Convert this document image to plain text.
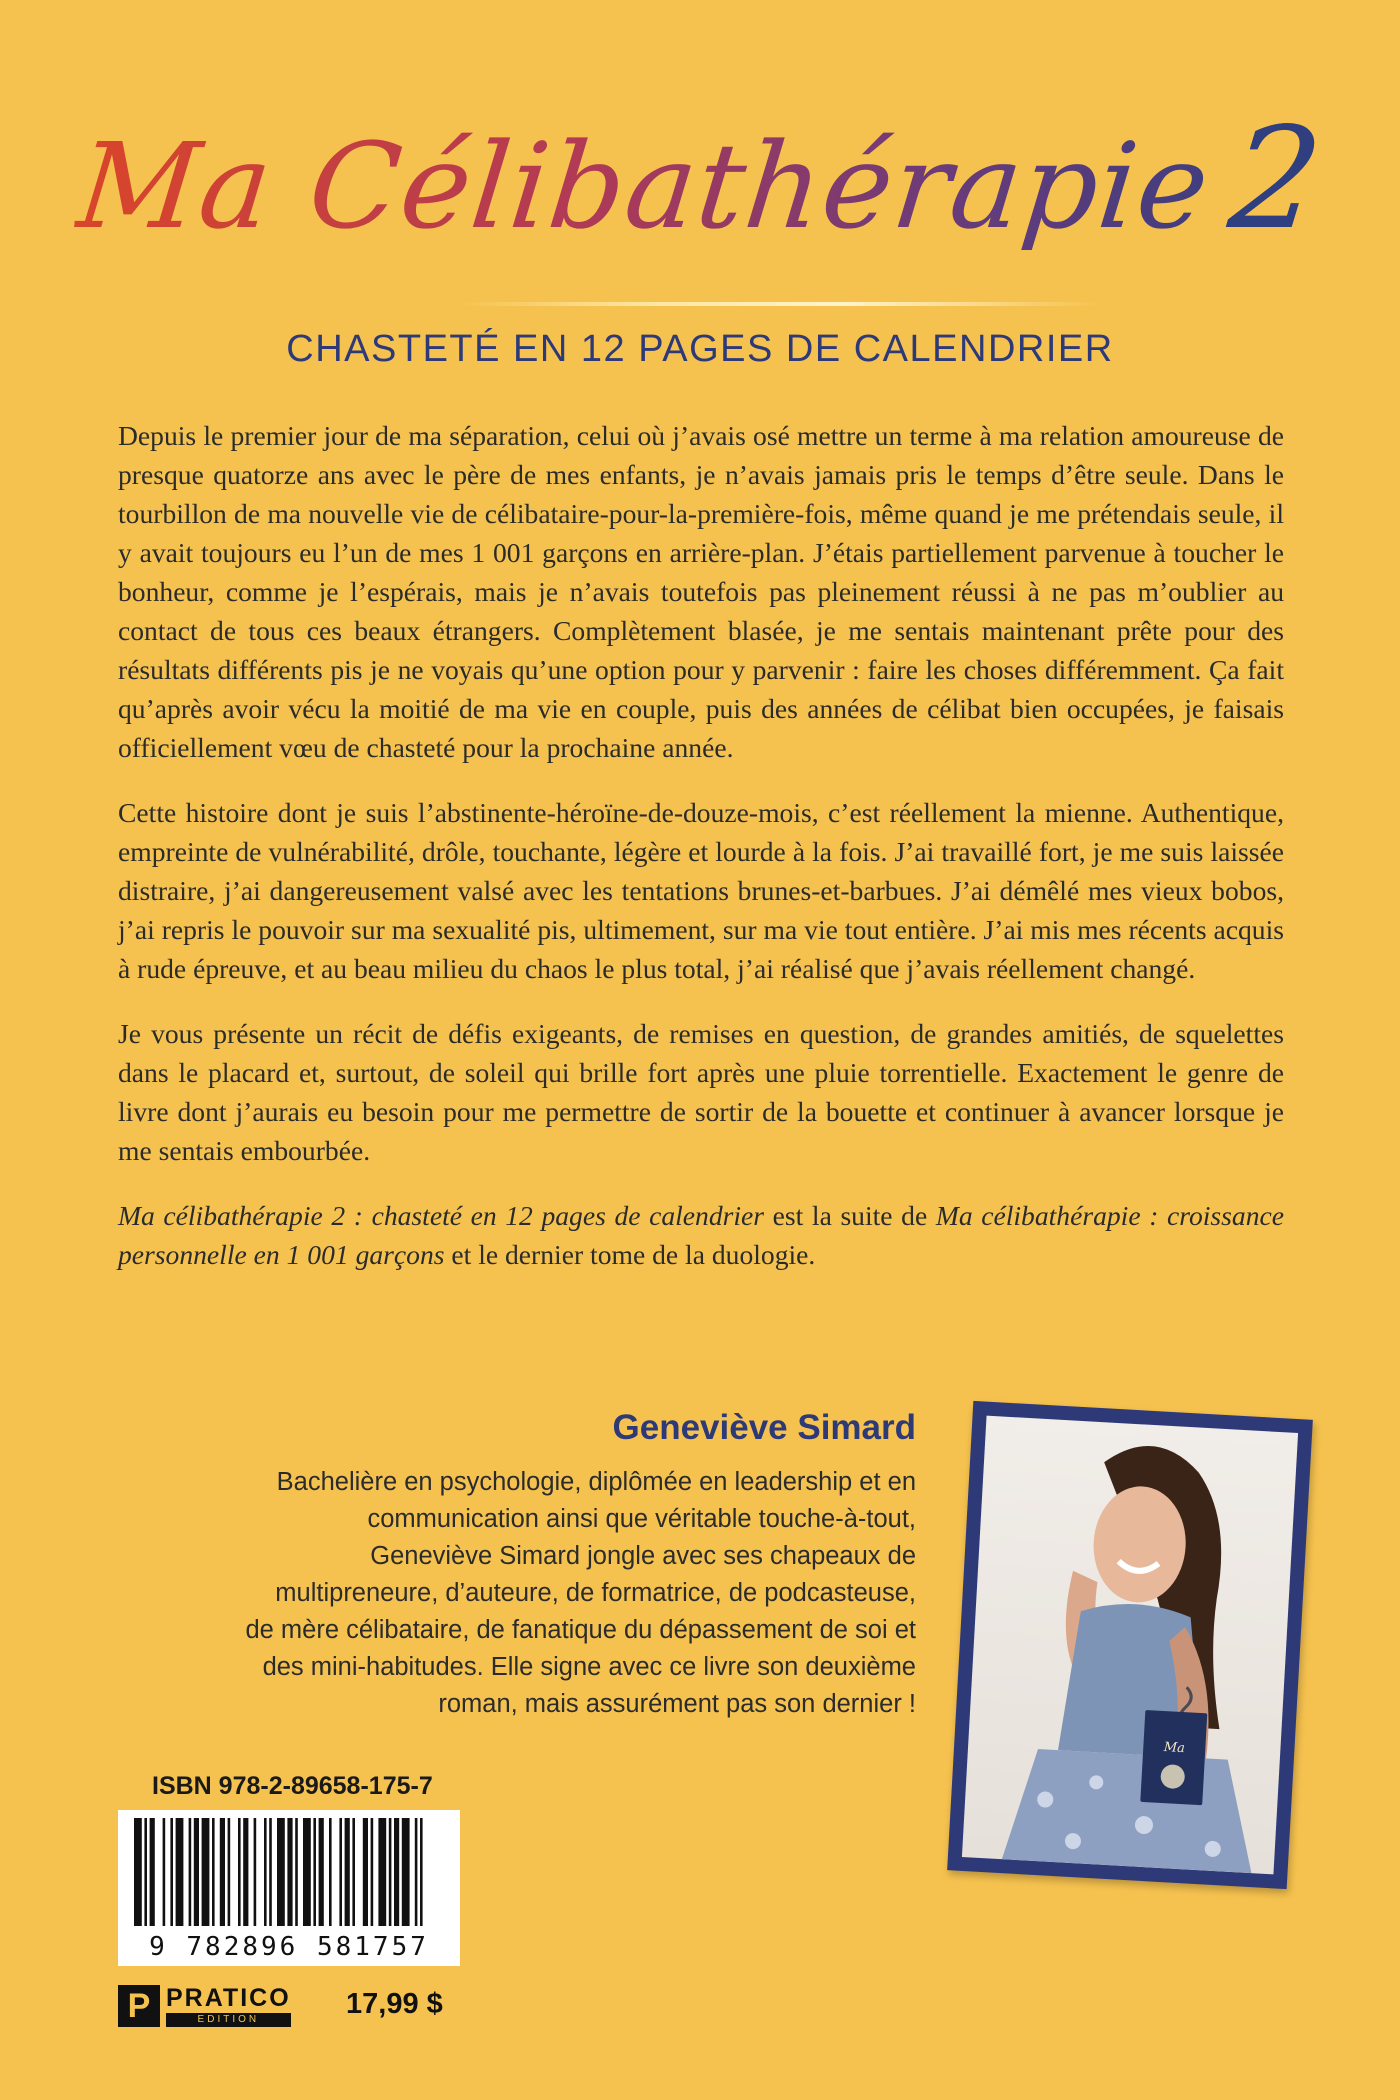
Ma Célibathérapie2
CHASTETÉ EN 12 PAGES DE CALENDRIER

Depuis le premier jour de ma séparation, celui où j’avais osé mettre un terme à ma relation amoureuse de presque quatorze ans avec le père de mes enfants, je n’avais jamais pris le temps d’être seule. Dans le tourbillon de ma nouvelle vie de célibataire-pour-la-première-fois, même quand je me prétendais seule, il y avait toujours eu l’un de mes 1 001 garçons en arrière-plan. J’étais partiellement parvenue à toucher le bonheur, comme je l’espérais, mais je n’avais toutefois pas pleinement réussi à ne pas m’oublier au contact de tous ces beaux étrangers. Complètement blasée, je me sentais maintenant prête pour des résultats différents pis je ne voyais qu’une option pour y parvenir : faire les choses différemment. Ça fait qu’après avoir vécu la moitié de ma vie en couple, puis des années de célibat bien occupées, je faisais officiellement vœu de chasteté pour la prochaine année.

Cette histoire dont je suis l’abstinente-héroïne-de-douze-mois, c’est réellement la mienne. Authentique, empreinte de vulnérabilité, drôle, touchante, légère et lourde à la fois. J’ai travaillé fort, je me suis laissée distraire, j’ai dangereusement valsé avec les tentations brunes-et-barbues. J’ai démêlé mes vieux bobos, j’ai repris le pouvoir sur ma sexualité pis, ultimement, sur ma vie tout entière. J’ai mis mes récents acquis à rude épreuve, et au beau milieu du chaos le plus total, j’ai réalisé que j’avais réellement changé.

Je vous présente un récit de défis exigeants, de remises en question, de grandes amitiés, de squelettes dans le placard et, surtout, de soleil qui brille fort après une pluie torrentielle. Exactement le genre de livre dont j’aurais eu besoin pour me permettre de sortir de la bouette et continuer à avancer lorsque je me sentais embourbée.

Ma célibathérapie 2 : chasteté en 12 pages de calendrier est la suite de Ma célibathérapie : croissance personnelle en 1 001 garçons et le dernier tome de la duologie.

Geneviève Simard
Bachelière en psychologie, diplômée en leadership et en communication ainsi que véritable touche-à-tout, Geneviève Simard jongle avec ses chapeaux de multipreneure, d’auteure, de formatrice, de podcasteuse, de mère célibataire, de fanatique du dépassement de soi et des mini-habitudes. Elle signe avec ce livre son deuxième roman, mais assurément pas son dernier !
Ma
ISBN 978-2-89658-175-7
9 782896 581757
P PRATICO
EDITION	17,99 $
